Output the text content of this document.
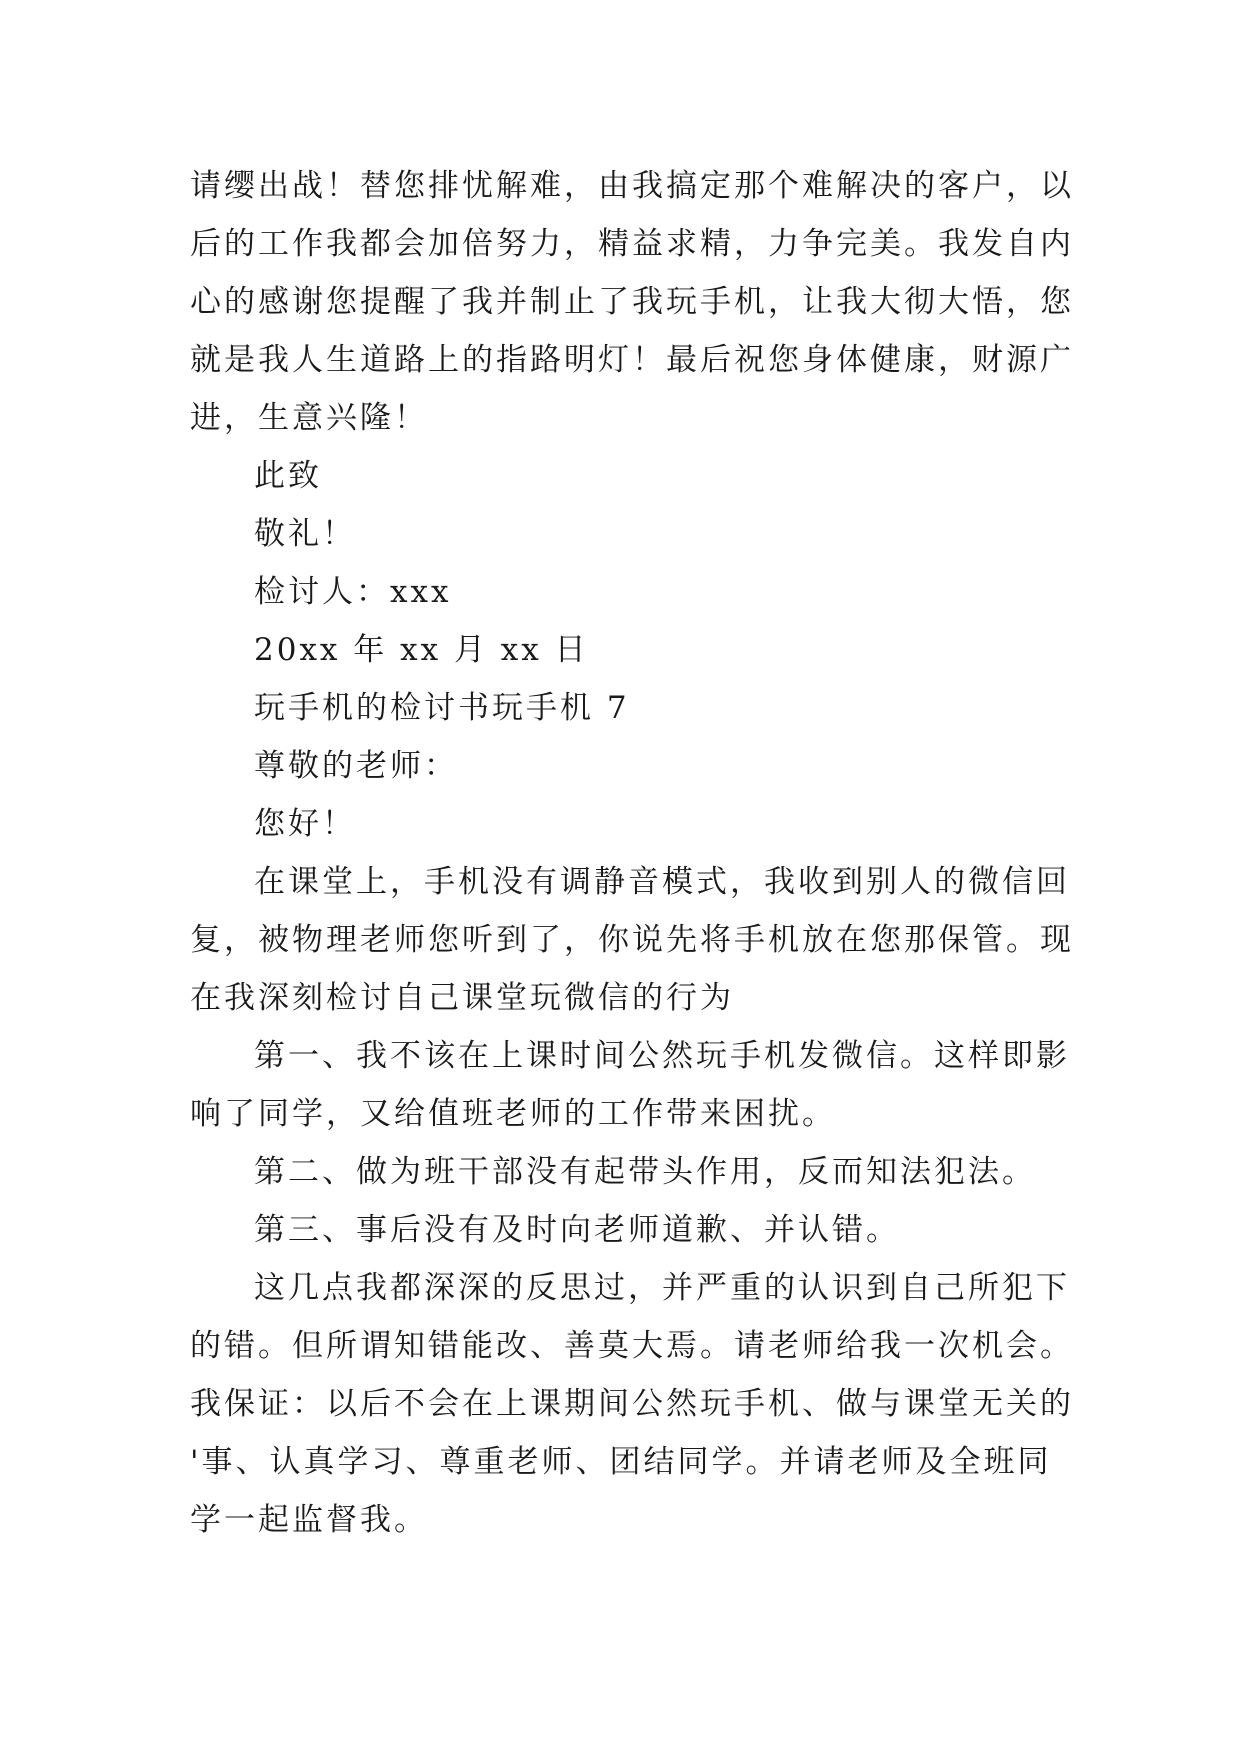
请缨出战！替您排忧解难，由我搞定那个难解决的客户，以
后的工作我都会加倍努力，精益求精，力争完美。我发自内
心的感谢您提醒了我并制止了我玩手机，让我大彻大悟，您
就是我人生道路上的指路明灯！最后祝您身体健康，财源广
进，生意兴隆！
此致
敬礼！
检讨人：xxx
20xx 年 xx 月 xx 日
玩手机的检讨书玩手机 7
尊敬的老师：
您好！
在课堂上，手机没有调静音模式，我收到别人的微信回
复，被物理老师您听到了，你说先将手机放在您那保管。现
在我深刻检讨自己课堂玩微信的行为
第一、我不该在上课时间公然玩手机发微信。这样即影
响了同学，又给值班老师的工作带来困扰。
第二、做为班干部没有起带头作用，反而知法犯法。
第三、事后没有及时向老师道歉、并认错。
这几点我都深深的反思过，并严重的认识到自己所犯下
的错。但所谓知错能改、善莫大焉。请老师给我一次机会。
我保证：以后不会在上课期间公然玩手机、做与课堂无关的
'事、认真学习、尊重老师、团结同学。并请老师及全班同
学一起监督我。
